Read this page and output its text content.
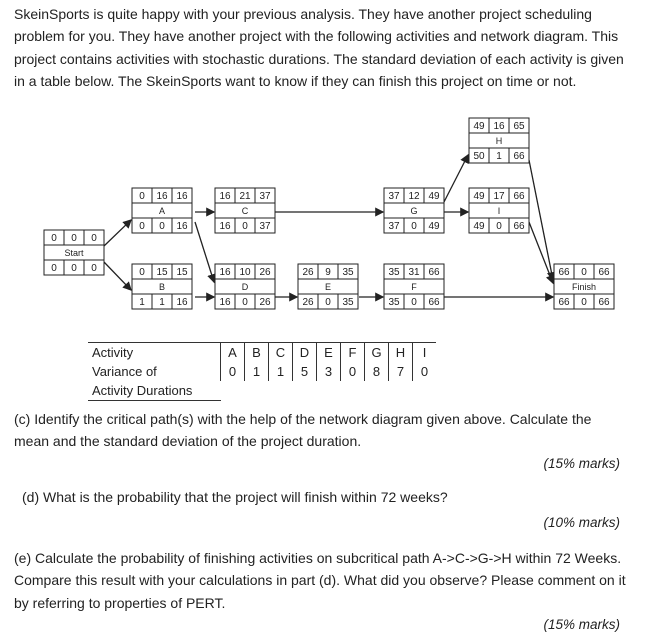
SkeinSports is quite happy with your previous analysis. They have another project scheduling problem for you. They have another project with the following activities and network diagram. This project contains activities with stochastic durations. The standard deviation of each activity is given in a table below. The SkeinSports want to know if they can finish this project on time or not.

0 0 0
0 0 0
Start
0 16 16
0 0 16
A
0 15 15
1 1 16
B
16 21 37
16 0 37
C
16 10 26
16 0 26
D
26 9 35
26 0 35
E
37 12 49
37 0 49
G
35 31 66
35 0 66
F
49 16 65
50 1 66
H
49 17 66
49 0 66
I
66 0 66
66 0 66
Finish
Activity	A	B	C	D	E	F	G	H	I
Variance of	0	1	1	5	3	0	8	7	0
Activity Durations									

(c) Identify the critical path(s) with the help of the network diagram given above. Calculate the mean and the standard deviation of the project duration.

(15% marks)

(d) What is the probability that the project will finish within 72 weeks?

(10% marks)

(e) Calculate the probability of finishing activities on subcritical path A->C->G->H within 72 Weeks. Compare this result with your calculations in part (d). What did you observe? Please comment on it by referring to properties of PERT.

(15% marks)
